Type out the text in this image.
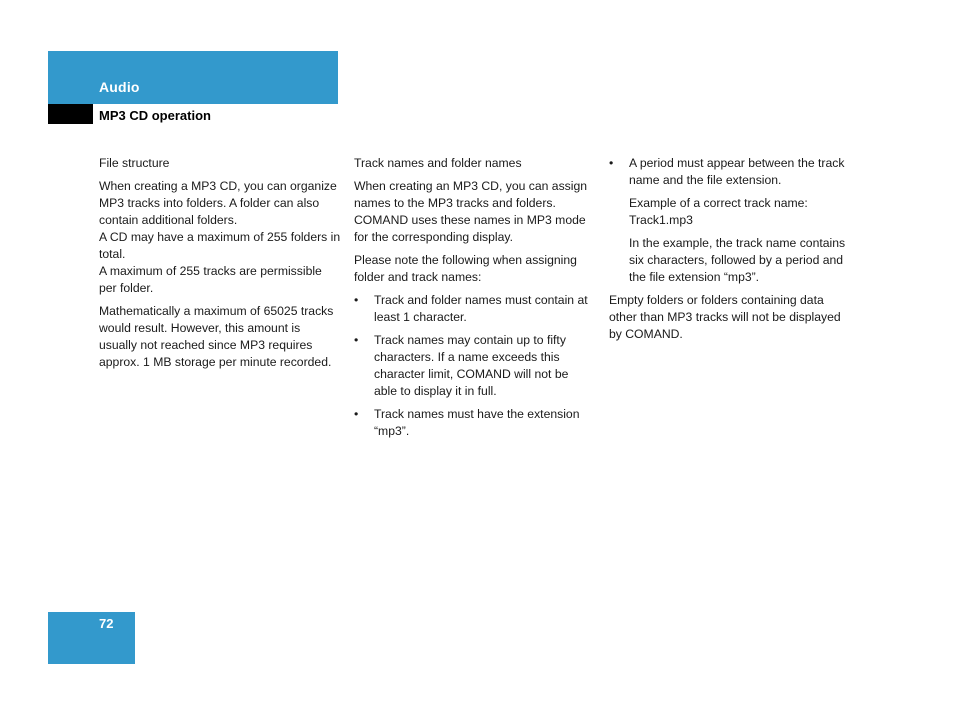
Audio
MP3 CD operation

File structure

When creating a MP3 CD, you can organize MP3 tracks into folders. A folder can also contain additional folders.

A CD may have a maximum of 255 folders in total.

A maximum of 255 tracks are permissible per folder.

Mathematically a maximum of 65025 tracks would result. However, this amount is usually not reached since MP3 requires approx. 1 MB storage per minute recorded.

Track names and folder names

When creating an MP3 CD, you can assign names to the MP3 tracks and folders. COMAND uses these names in MP3 mode for the corresponding display.

Please note the following when assigning folder and track names:

• Track and folder names must contain at least 1 character.
• Track names may contain up to fifty characters. If a name exceeds this character limit, COMAND will not be able to display it in full.
• Track names must have the extension “mp3”.
• A period must appear between the track name and the file extension.

Example of a correct track name:

Track1.mp3

In the example, the track name contains six characters, followed by a period and the file extension “mp3”.

Empty folders or folders containing data other than MP3 tracks will not be displayed by COMAND.

72
